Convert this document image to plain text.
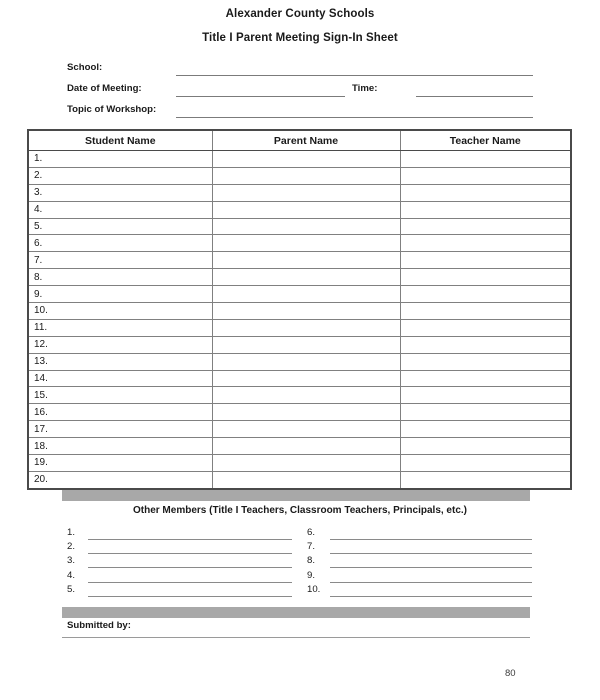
Alexander County Schools
Title I Parent Meeting Sign-In Sheet
School:
Date of Meeting:	Time:
Topic of Workshop:
Student Name	Parent Name	Teacher Name
1.		
2.		
3.		
4.		
5.		
6.		
7.		
8.		
9.		
10.		
11.		
12.		
13.		
14.		
15.		
16.		
17.		
18.		
19.		
20.		
Other Members (Title I Teachers, Classroom Teachers, Principals, etc.)
1.
2.
3.
4.
5.
6.
7.
8.
9.
10.
Submitted by:
80
